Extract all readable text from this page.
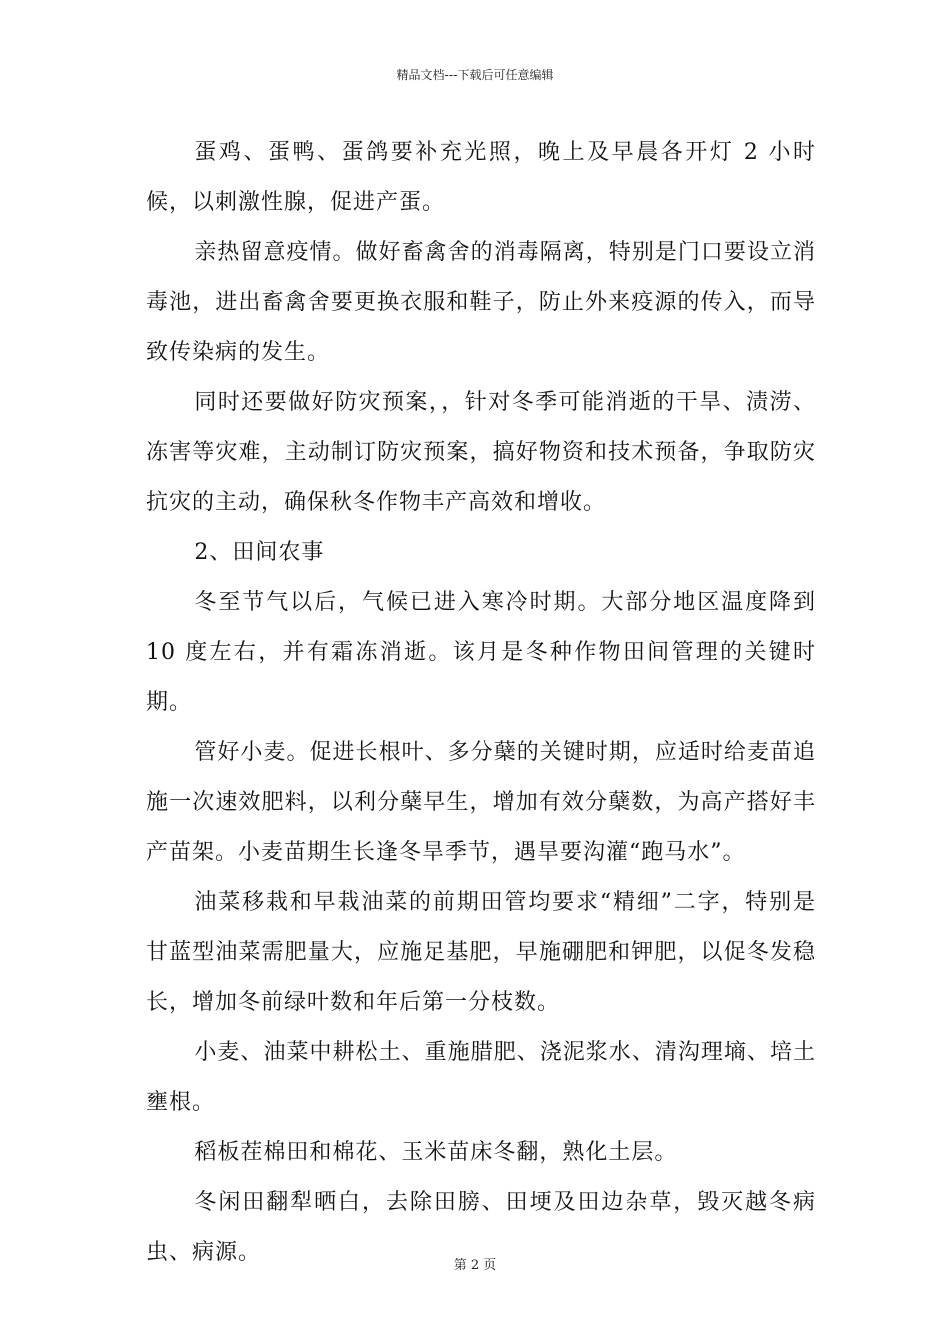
精品文档---下载后可任意编辑

蛋鸡、蛋鸭、蛋鸽要补充光照，晚上及早晨各开灯 2 小时候，以刺激性腺，促进产蛋。

亲热留意疫情。做好畜禽舍的消毒隔离，特别是门口要设立消毒池，进出畜禽舍要更换衣服和鞋子，防止外来疫源的传入，而导致传染病的发生。

同时还要做好防灾预案，，针对冬季可能消逝的干旱、渍涝、冻害等灾难，主动制订防灾预案，搞好物资和技术预备，争取防灾抗灾的主动，确保秋冬作物丰产高效和增收。

2、田间农事

冬至节气以后，气候已进入寒冷时期。大部分地区温度降到 10 度左右，并有霜冻消逝。该月是冬种作物田间管理的关键时期。

管好小麦。促进长根叶、多分蘖的关键时期，应适时给麦苗追施一次速效肥料，以利分蘖早生，增加有效分蘖数，为高产搭好丰产苗架。小麦苗期生长逢冬旱季节，遇旱要沟灌“跑马水”。

油菜移栽和早栽油菜的前期田管均要求“精细”二字，特别是甘蓝型油菜需肥量大，应施足基肥，早施硼肥和钾肥，以促冬发稳长，增加冬前绿叶数和年后第一分枝数。

小麦、油菜中耕松土、重施腊肥、浇泥浆水、清沟理墒、培土壅根。

稻板茬棉田和棉花、玉米苗床冬翻，熟化土层。

冬闲田翻犁晒白，去除田膀、田埂及田边杂草，毁灭越冬病虫、病源。

第 2 页
